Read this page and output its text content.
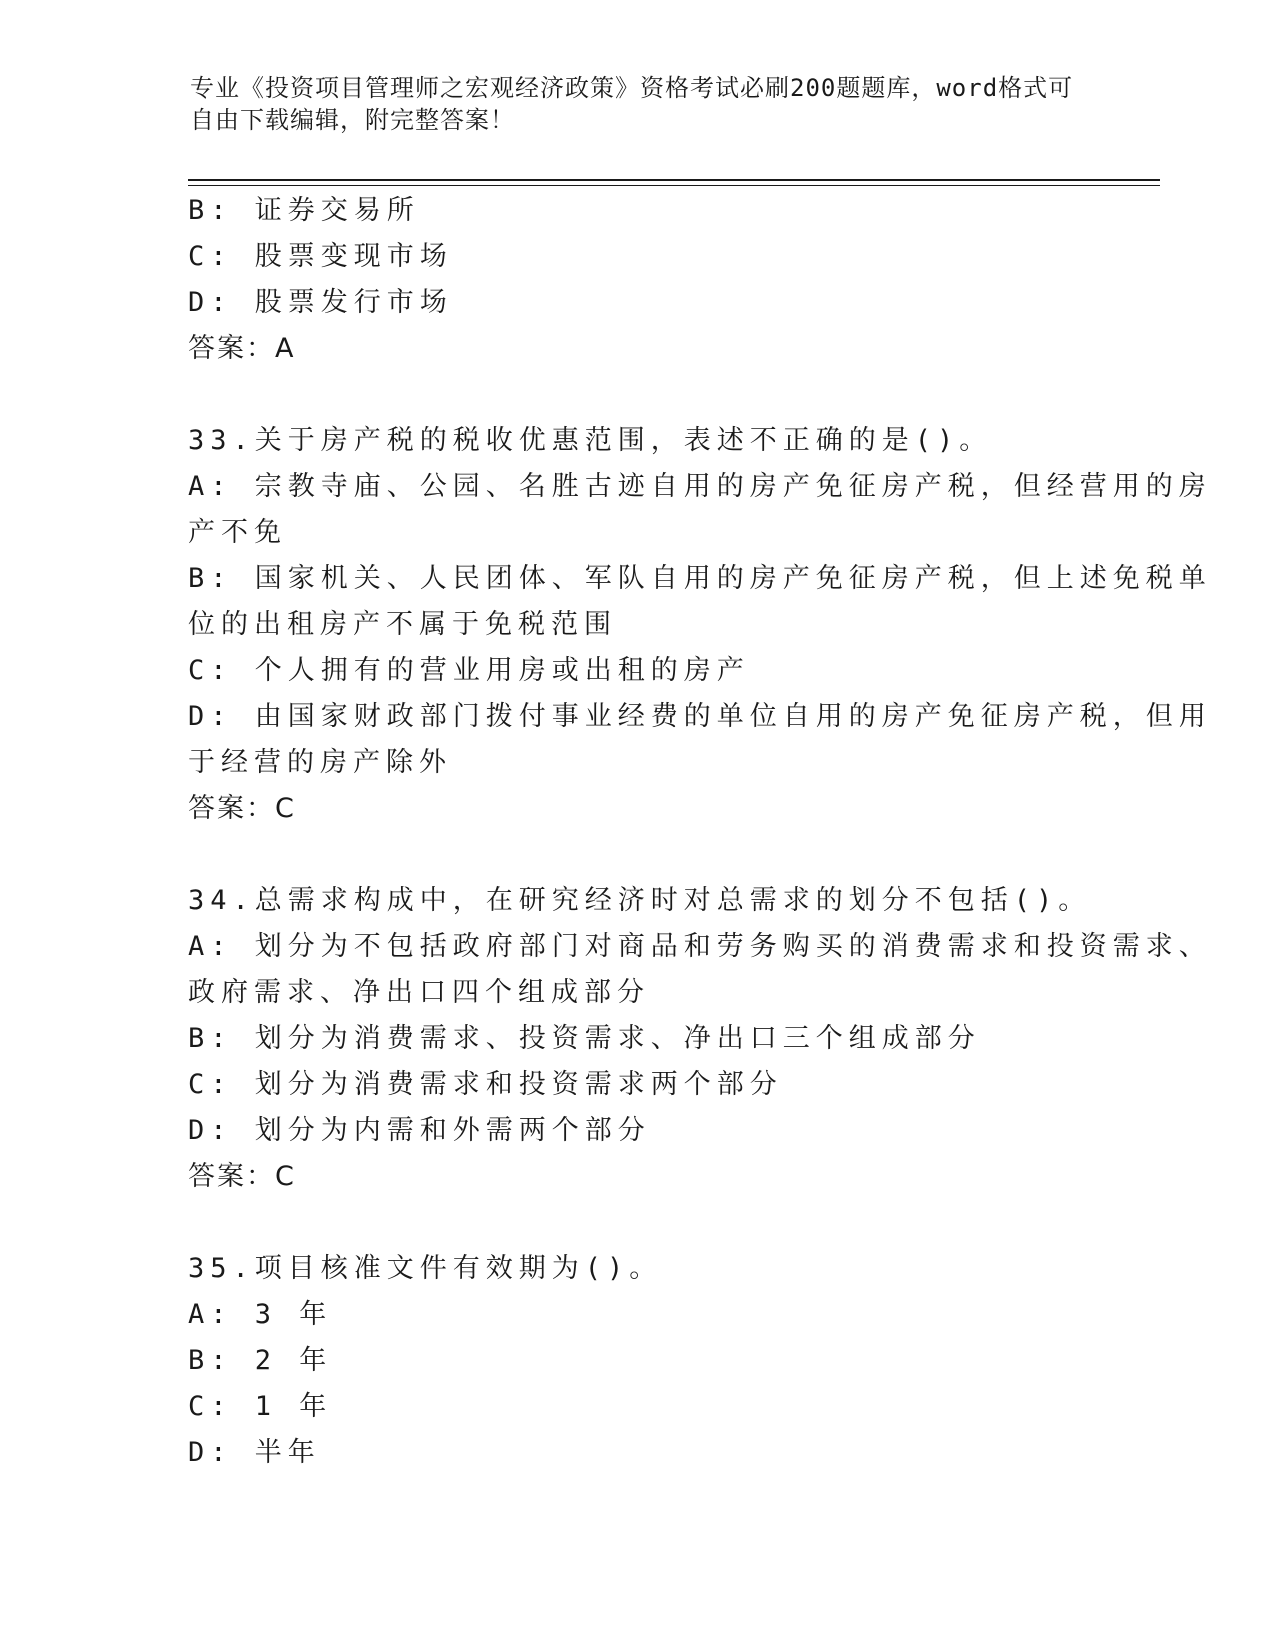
专业《投资项目管理师之宏观经济政策》资格考试必刷200题题库，word格式可
自由下载编辑，附完整答案！
B: 证券交易所
C: 股票变现市场
D: 股票发行市场
答案：A
33.关于房产税的税收优惠范围，表述不正确的是()。
A: 宗教寺庙、公园、名胜古迹自用的房产免征房产税，但经营用的房
产不免
B: 国家机关、人民团体、军队自用的房产免征房产税，但上述免税单
位的出租房产不属于免税范围
C: 个人拥有的营业用房或出租的房产
D: 由国家财政部门拨付事业经费的单位自用的房产免征房产税，但用
于经营的房产除外
答案：C
34.总需求构成中，在研究经济时对总需求的划分不包括()。
A: 划分为不包括政府部门对商品和劳务购买的消费需求和投资需求、
政府需求、净出口四个组成部分
B: 划分为消费需求、投资需求、净出口三个组成部分
C: 划分为消费需求和投资需求两个部分
D: 划分为内需和外需两个部分
答案：C
35.项目核准文件有效期为()。
A: 3 年
B: 2 年
C: 1 年
D: 半年
